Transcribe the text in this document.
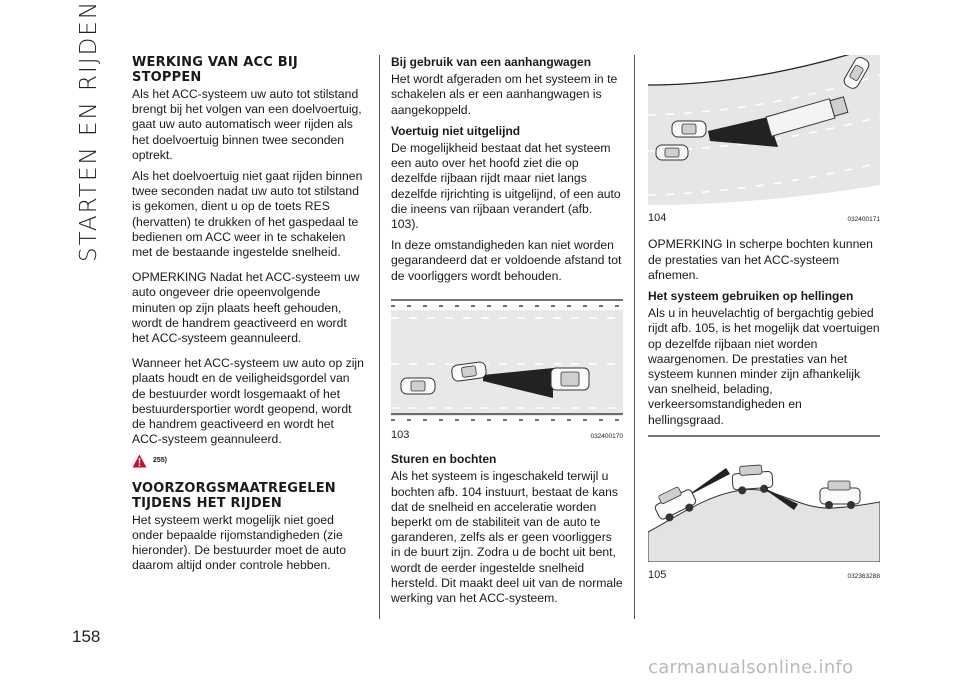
STARTEN EN RIJDEN
158
WERKING VAN ACC BIJ STOPPEN

Als het ACC-systeem uw auto tot stilstand brengt bij het volgen van een doelvoertuig, gaat uw auto automatisch weer rijden als het doelvoertuig binnen twee seconden optrekt.

Als het doelvoertuig niet gaat rijden binnen twee seconden nadat uw auto tot stilstand is gekomen, dient u op de toets RES (hervatten) te drukken of het gaspedaal te bedienen om ACC weer in te schakelen met de bestaande ingestelde snelheid.

OPMERKING Nadat het ACC-systeem uw auto ongeveer drie opeenvolgende minuten op zijn plaats heeft gehouden, wordt de handrem geactiveerd en wordt het ACC-systeem geannuleerd.

Wanneer het ACC-systeem uw auto op zijn plaats houdt en de veiligheidsgordel van de bestuurder wordt losgemaakt of het bestuurdersportier wordt geopend, wordt de handrem geactiveerd en wordt het ACC-systeem geannuleerd.

255)
VOORZORGSMAATREGELEN TIJDENS HET RIJDEN

Het systeem werkt mogelijk niet goed onder bepaalde rijomstandigheden (zie hieronder). De bestuurder moet de auto daarom altijd onder controle hebben.

Bij gebruik van een aanhangwagen

Het wordt afgeraden om het systeem in te schakelen als er een aanhangwagen is aangekoppeld.

Voertuig niet uitgelijnd

De mogelijkheid bestaat dat het systeem een auto over het hoofd ziet die op dezelfde rijbaan rijdt maar niet langs dezelfde rijrichting is uitgelijnd, of een auto die ineens van rijbaan verandert (afb. 103).

In deze omstandigheden kan niet worden gegarandeerd dat er voldoende afstand tot de voorliggers wordt behouden.

103	032400170
Sturen en bochten

Als het systeem is ingeschakeld terwijl u bochten afb. 104 instuurt, bestaat de kans dat de snelheid en acceleratie worden beperkt om de stabiliteit van de auto te garanderen, zelfs als er geen voorliggers in de buurt zijn. Zodra u de bocht uit bent, wordt de eerder ingestelde snelheid hersteld. Dit maakt deel uit van de normale werking van het ACC-systeem.

104	032400171

OPMERKING In scherpe bochten kunnen de prestaties van het ACC-systeem afnemen.

Het systeem gebruiken op hellingen

Als u in heuvelachtig of bergachtig gebied rijdt afb. 105, is het mogelijk dat voertuigen op dezelfde rijbaan niet worden waargenomen. De prestaties van het systeem kunnen minder zijn afhankelijk van snelheid, belading, verkeersomstandigheden en hellingsgraad.

105	032363288
carmanualsonline.info
